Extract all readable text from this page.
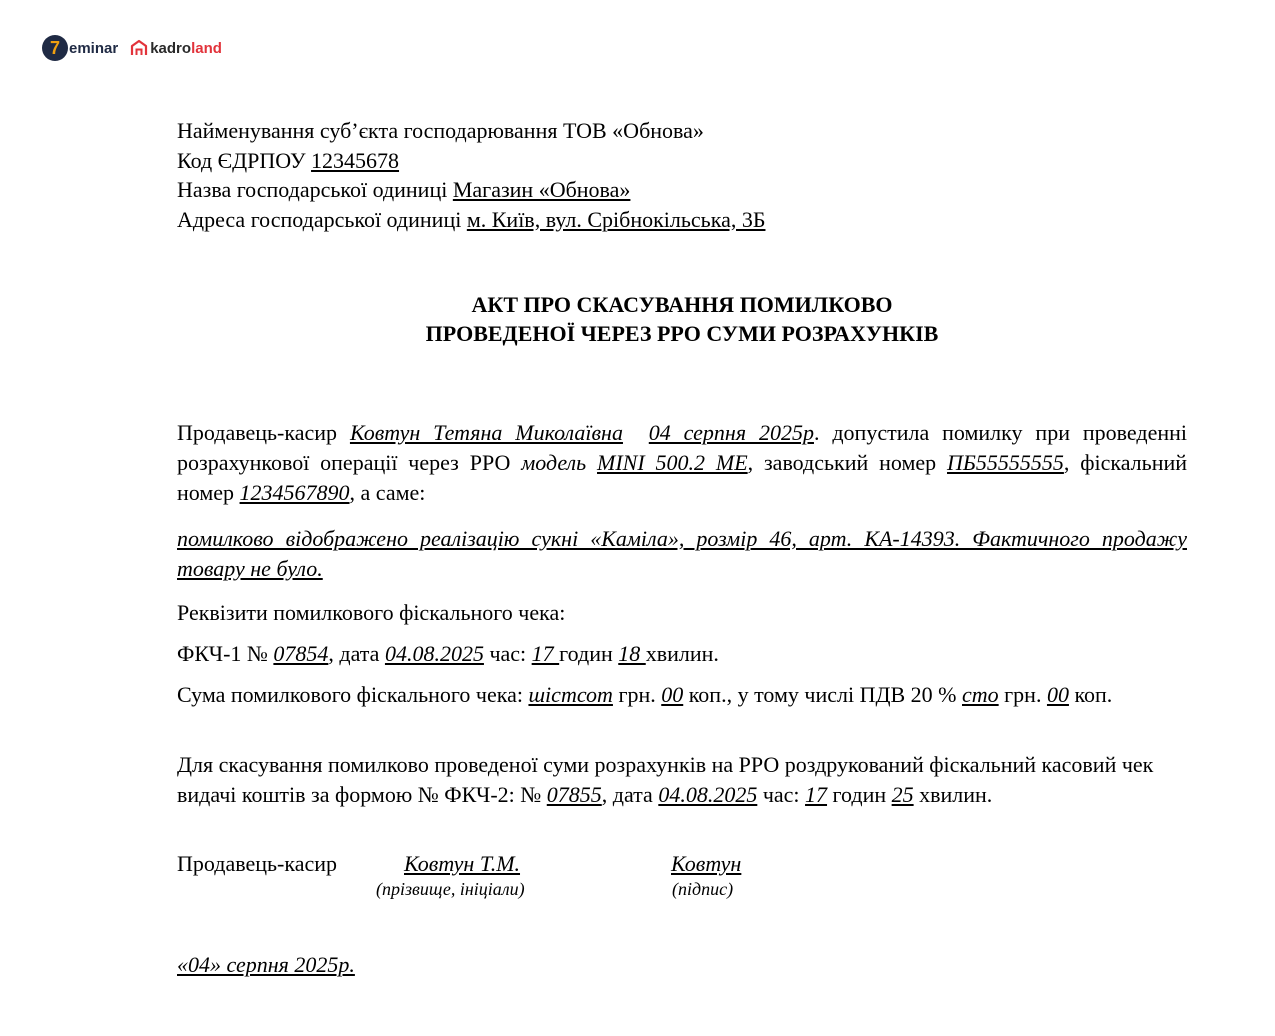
7 eminar kadroland
Найменування суб’єкта господарювання ТОВ «Обнова»
Код ЄДРПОУ 12345678
Назва господарської одиниці Магазин «Обнова»
Адреса господарської одиниці м. Київ, вул. Срібнокільська, 3Б
АКТ ПРО СКАСУВАННЯ ПОМИЛКОВО
ПРОВЕДЕНОЇ ЧЕРЕЗ РРО СУМИ РОЗРАХУНКІВ
Продавець-касир Ковтун Тетяна Миколаївна 04 серпня 2025р. допустила помилку при проведенні розрахункової операції через РРО модель MINI 500.2 ME, заводський номер ПБ55555555, фіскальний номер 1234567890, а саме:
помилково відображено реалізацію сукні «Каміла», розмір 46, арт. КА-14393. Фактичного продажу товару не було.
Реквізити помилкового фіскального чека:
ФКЧ-1 № 07854, дата 04.08.2025 час: 17 годин 18 хвилин.
Сума помилкового фіскального чека: шістсот грн. 00 коп., у тому числі ПДВ 20 % сто грн. 00 коп.
Для скасування помилково проведеної суми розрахунків на РРО роздрукований фіскальний касовий чек видачі коштів за формою № ФКЧ-2: № 07855, дата 04.08.2025 час: 17 годин 25 хвилин.
Продавець-касир	Ковтун Т.М.	Ковтун
(прізвище, ініціали)	(підпис)
«04» серпня 2025р.
